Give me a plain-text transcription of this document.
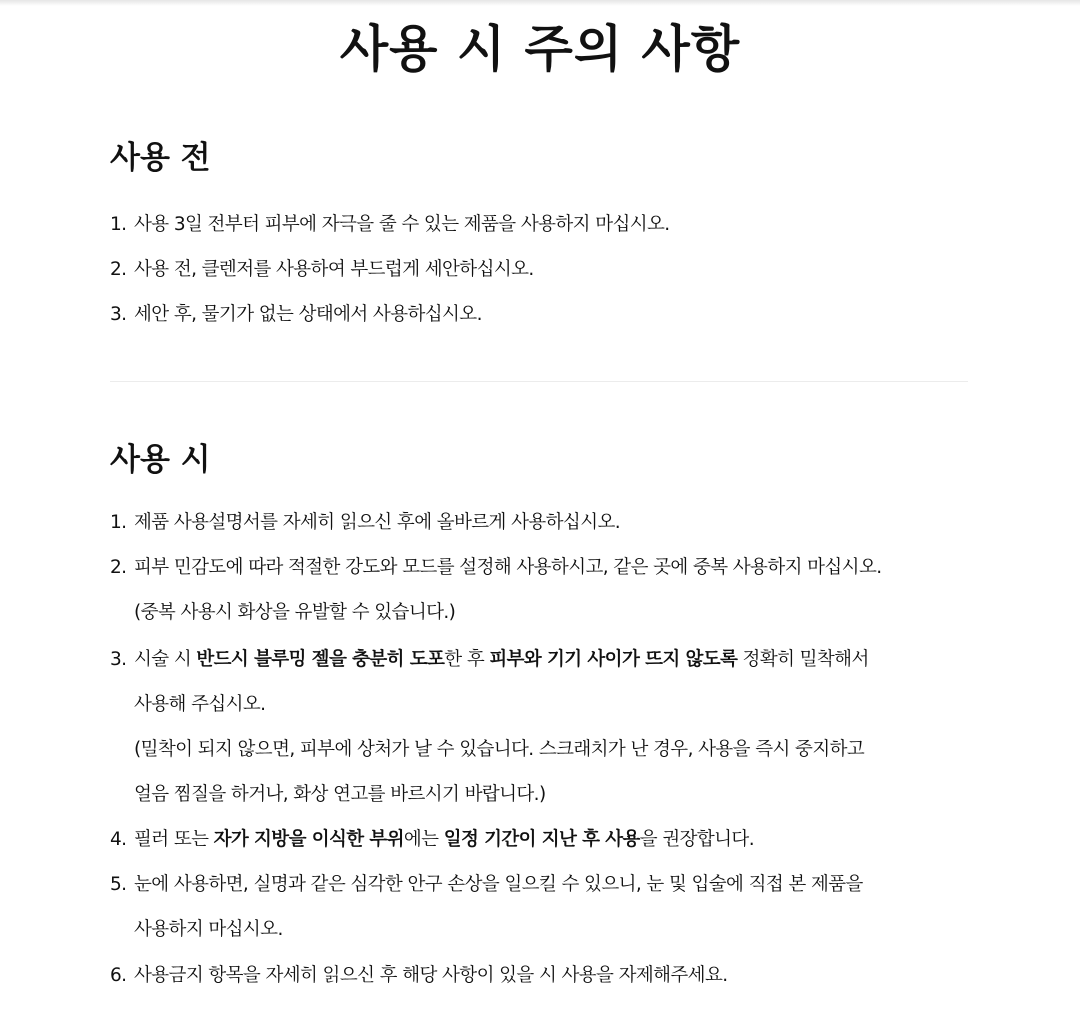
사용 시 주의 사항
사용 전
1. 사용 3일 전부터 피부에 자극을 줄 수 있는 제품을 사용하지 마십시오.
2. 사용 전, 클렌저를 사용하여 부드럽게 세안하십시오.
3. 세안 후, 물기가 없는 상태에서 사용하십시오.
사용 시
1. 제품 사용설명서를 자세히 읽으신 후에 올바르게 사용하십시오.
2. 피부 민감도에 따라 적절한 강도와 모드를 설정해 사용하시고, 같은 곳에 중복 사용하지 마십시오.
(중복 사용시 화상을 유발할 수 있습니다.)
3. 시술 시 반드시 블루밍 젤을 충분히 도포한 후 피부와 기기 사이가 뜨지 않도록 정확히 밀착해서
사용해 주십시오.
(밀착이 되지 않으면, 피부에 상처가 날 수 있습니다. 스크래치가 난 경우, 사용을 즉시 중지하고
얼음 찜질을 하거나, 화상 연고를 바르시기 바랍니다.)
4. 필러 또는 자가 지방을 이식한 부위에는 일정 기간이 지난 후 사용을 권장합니다.
5. 눈에 사용하면, 실명과 같은 심각한 안구 손상을 일으킬 수 있으니, 눈 및 입술에 직접 본 제품을
사용하지 마십시오.
6. 사용금지 항목을 자세히 읽으신 후 해당 사항이 있을 시 사용을 자제해주세요.
